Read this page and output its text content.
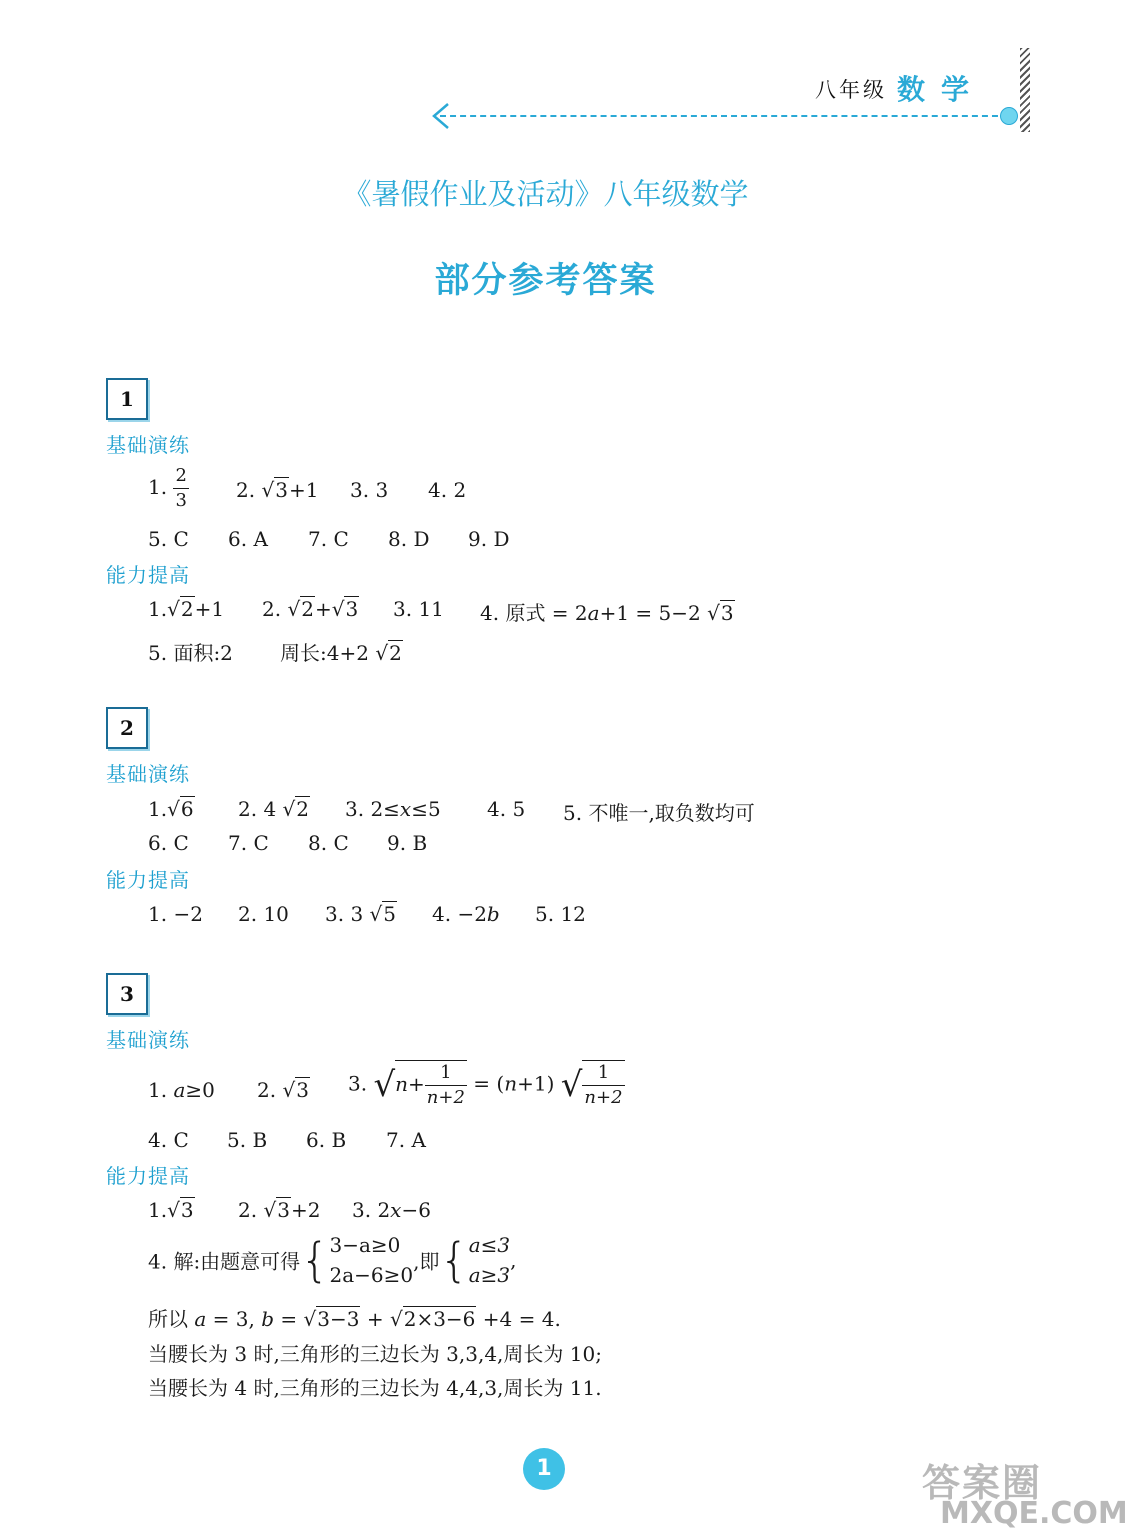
八年级 数学
《暑假作业及活动》八年级数学
部分参考答案
1
基础演练
1. $\frac{2}{3} 2$. √3+1 3. 3 4. 2
5. C 6. A 7. C 8. D 9. D
能力提高
1.√2+1 2. √2+√3 3. 11 4. 原式 = 2a+1 = 5−2 √3
5. 面积:2 周长:4+2 √2
2
基础演练
1.√6 2. 4 √2 3. 2≤x≤5 4. 5 5. 不唯一,取负数均可
6. C 7. C 8. C 9. B
能力提高
1. −2 2. 10 3. 3 √5 4. −2b 5. 12
3
基础演练
1. a≥0 2. √3 3. $√n+ \frac{1}{n+2} = (n+1)$ √ $\frac{1}{n+2}$
4. C 5. B 6. B 7. A
能力提高
1.√3 2. √3+2 3. 2x−6
4. 解:由题意可得{ 3−a≥0
2a−6≥0
,即{ a≤3
a≥3
,
所以 a = 3, b = √3−3 + √2×3−6 +4 = 4.
当腰长为 3 时,三角形的三边长为 3,3,4,周长为 10;
当腰长为 4 时,三角形的三边长为 4,4,3,周长为 11.
1	答案圈
MXQE.COM
